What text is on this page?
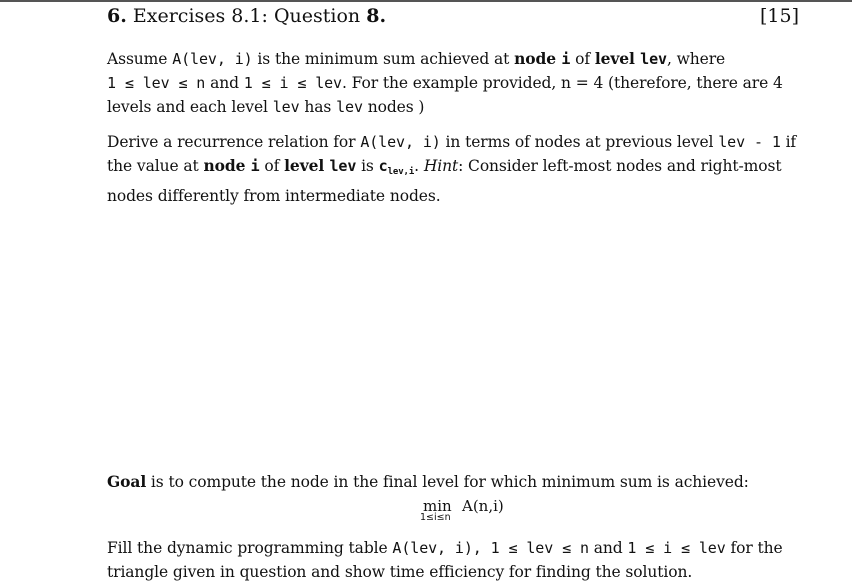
6. Exercises 8.1: Question 8.	[15]
Assume A(lev, i) is the minimum sum achieved at node i of level lev, where
1 ≤ lev ≤ n and 1 ≤ i ≤ lev. For the example provided, n = 4 (therefore, there are 4 levels and each level lev has lev nodes )
Derive a recurrence relation for A(lev, i) in terms of nodes at previous level lev - 1 if the value at node i of level lev is $c_{lev,i}$. Hint: Consider left-most nodes and right-most nodes differently from intermediate nodes.
Goal is to compute the node in the final level for which minimum sum is achieved:
min
1≤i≤n
A(n,i)
Fill the dynamic programming table A(lev, i), 1 ≤ lev ≤ n and 1 ≤ i ≤ lev for the triangle given in question and show time efficiency for finding the solution.
